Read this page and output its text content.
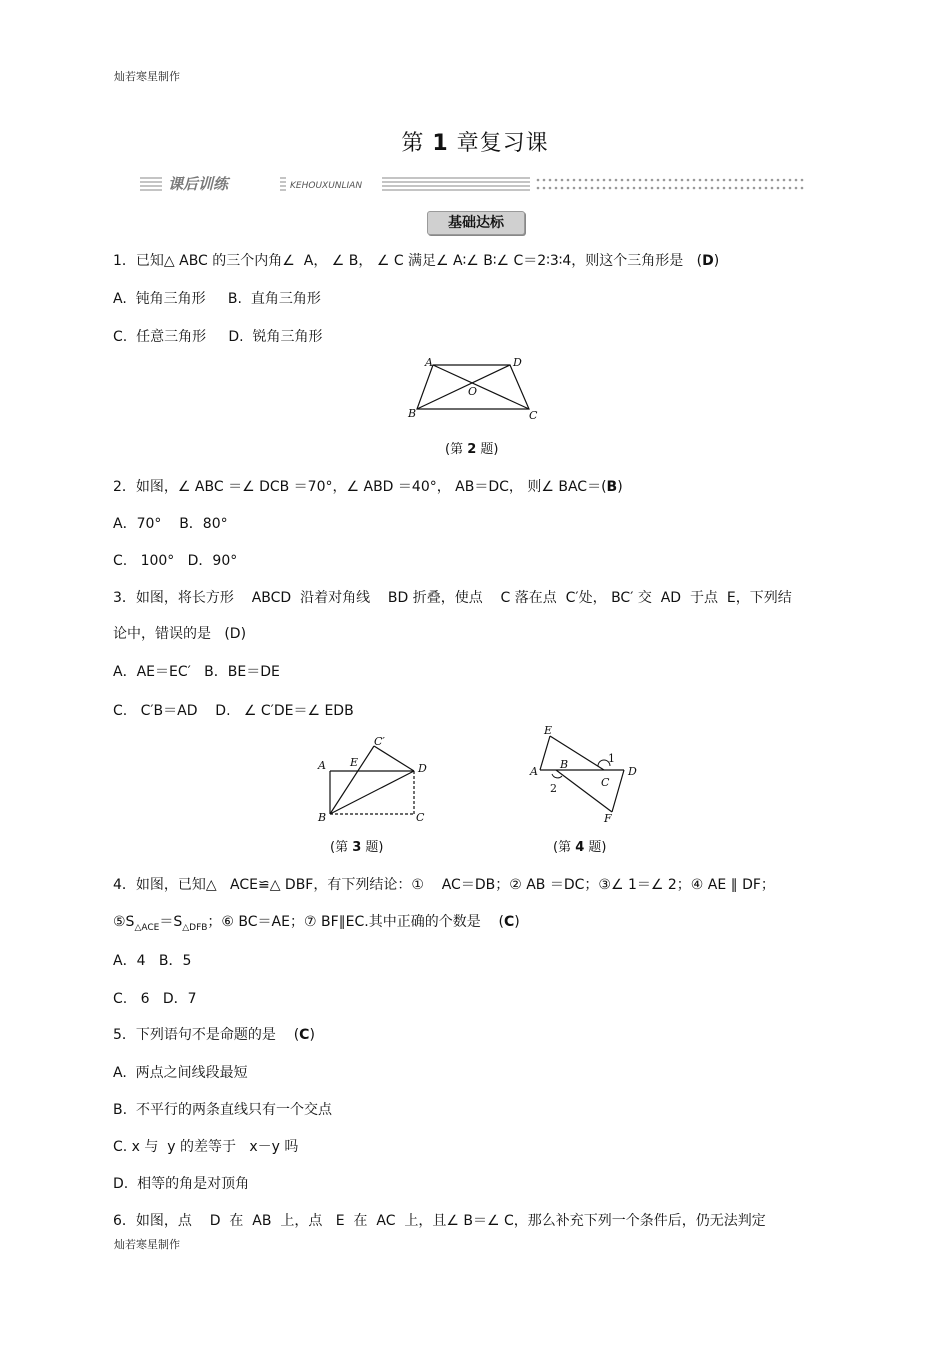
灿若寒星制作
第 1 章复习课
课后训练	KEHOUXUNLIAN
基础达标
1．已知△ ABC 的三个内角∠  A， ∠ B， ∠ C 满足∠ A∶∠ B∶∠ C＝2∶3∶4，则这个三角形是   (D)
A.  钝角三角形     B.  直角三角形
C.  任意三角形     D.  锐角三角形
A	D
O
B	C
(第 2 题)
2．如图，∠ ABC ＝∠ DCB ＝70°，∠ ABD ＝40°， AB＝DC， 则∠ BAC＝(B)
A．70°    B．80°
C.   100°   D．90°
3．如图，将长方形    ABCD  沿着对角线    BD 折叠，使点    C 落在点  C′处， BC′ 交  AD  于点  E，下列结
论中，错误的是   (D)
A．AE＝EC′   B．BE＝DE
C.   C′B＝AD    D.   ∠ C′DE＝∠ EDB
C′
A E	D
B	C
(第 3 题)
E
1
A
B
C
D
2
F
(第 4 题)
4．如图，已知△   ACE≌△ DBF，有下列结论：①    AC＝DB；② AB ＝DC；③∠ 1＝∠ 2；④ AE ∥ DF；
$⑤S_{\triangle ACE}=S_{\triangle DFB}$；⑥ BC＝AE；⑦ BF∥EC.其中正确的个数是    (C)
A．4   B．5
C.   6   D．7
5．下列语句不是命题的是    (C)
A.  两点之间线段最短
B.  不平行的两条直线只有一个交点
C. x 与  y 的差等于   x－y 吗
D.  相等的角是对顶角
6．如图，点    D  在  AB  上，点   E  在  AC  上，且∠ B＝∠ C，那么补充下列一个条件后，仍无法判定
灿若寒星制作
